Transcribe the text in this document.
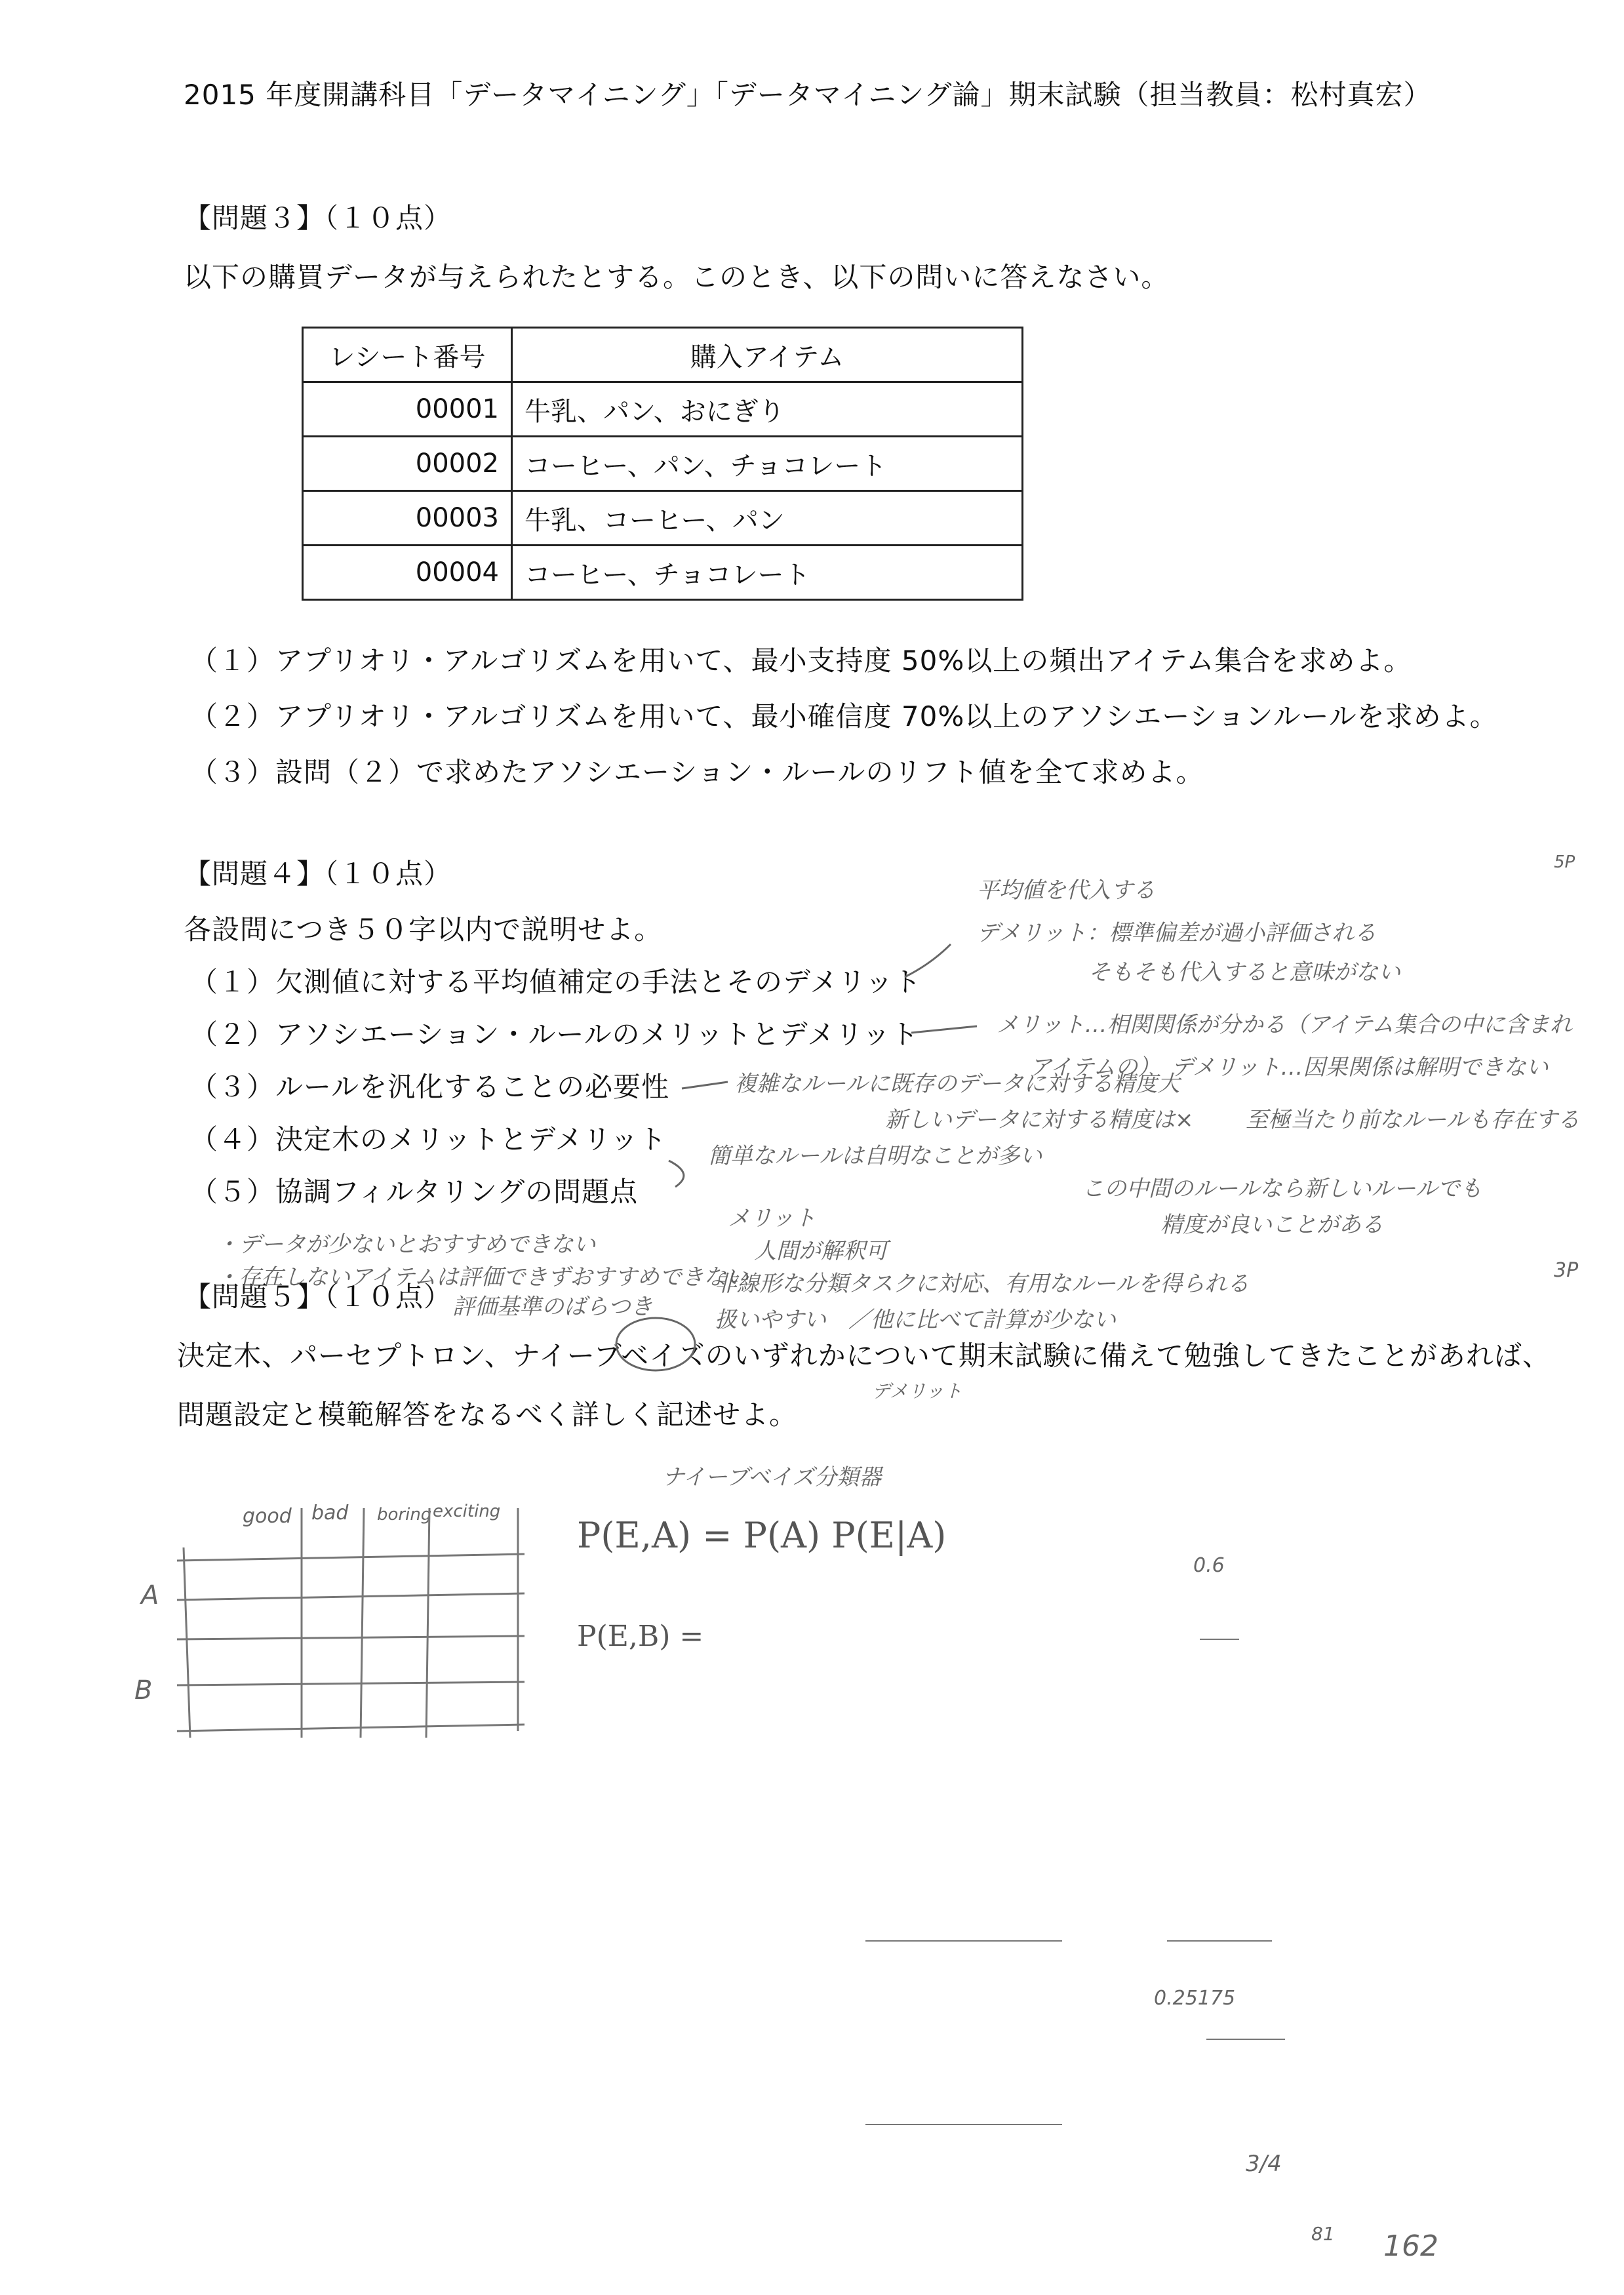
2015 年度開講科目「データマイニング」「データマイニング論」期末試験（担当教員：松村真宏）
【問題３】（１０点）
以下の購買データが与えられたとする。このとき、以下の問いに答えなさい。
レシート番号	購入アイテム
00001	牛乳、パン、おにぎり
00002	コーヒー、パン、チョコレート
00003	牛乳、コーヒー、パン
00004	コーヒー、チョコレート
（１）アプリオリ・アルゴリズムを用いて、最小支持度 50%以上の頻出アイテム集合を求めよ。
（２）アプリオリ・アルゴリズムを用いて、最小確信度 70%以上のアソシエーションルールを求めよ。
（３）設問（２）で求めたアソシエーション・ルールのリフト値を全て求めよ。
【問題４】（１０点）
各設問につき５０字以内で説明せよ。
（１）欠測値に対する平均値補定の手法とそのデメリット
（２）アソシエーション・ルールのメリットとデメリット
（３）ルールを汎化することの必要性
（４）決定木のメリットとデメリット
（５）協調フィルタリングの問題点
【問題５】（１０点）
決定木、パーセプトロン、ナイーブベイズのいずれかについて期末試験に備えて勉強してきたことがあれば、
問題設定と模範解答をなるべく詳しく記述せよ。
平均値を代入する
デメリット：標準偏差が過小評価される
そもそも代入すると意味がない
メリット…相関関係が分かる（アイテム集合の中に含まれ
アイテムの）　デメリット…因果関係は解明できない
複雑なルールに既存のデータに対する精度大
新しいデータに対する精度は×
簡単なルールは自明なことが多い
至極当たり前なルールも存在する
この中間のルールなら新しいルールでも
精度が良いことがある
メリット
人間が解釈可
非線形な分類タスクに対応、有用なルールを得られる
扱いやすい　／他に比べて計算が少ない
デメリット
・データが少ないとおすすめできない
・存在しないアイテムは評価できずおすすめできない
評価基準のばらつき
5P
3P
ナイーブベイズ分類器
P(E,A) = P(A) P(E|A)
P(E,B) =
good bad boring exciting
A
B
0.6
0.25175
3/4
81 162
